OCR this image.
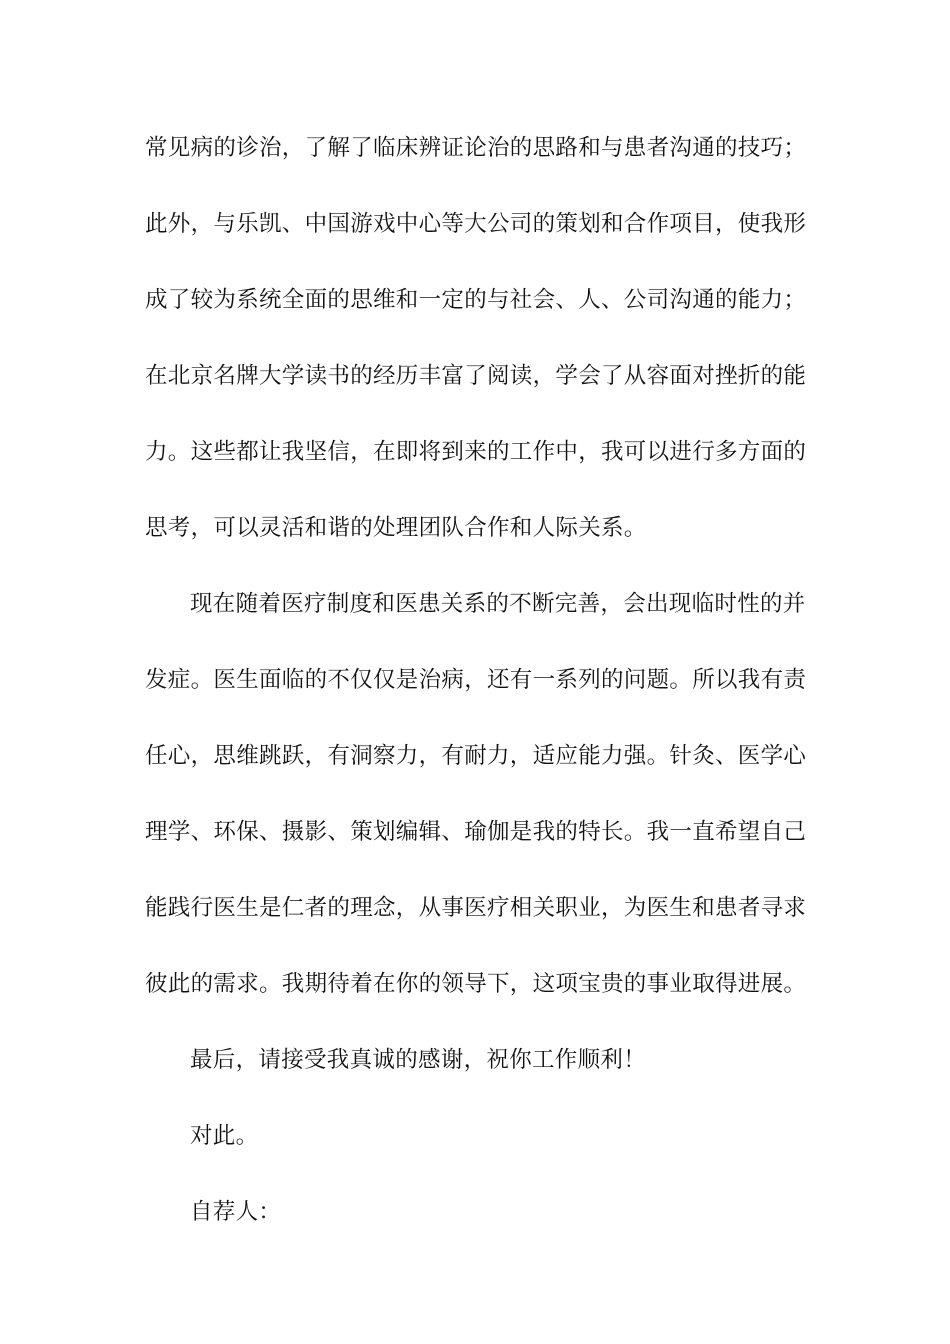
常见病的诊治，了解了临床辨证论治的思路和与患者沟通的技巧；
此外，与乐凯、中国游戏中心等大公司的策划和合作项目，使我形
成了较为系统全面的思维和一定的与社会、人、公司沟通的能力；
在北京名牌大学读书的经历丰富了阅读，学会了从容面对挫折的能
力。这些都让我坚信，在即将到来的工作中，我可以进行多方面的
思考，可以灵活和谐的处理团队合作和人际关系。
现在随着医疗制度和医患关系的不断完善，会出现临时性的并
发症。医生面临的不仅仅是治病，还有一系列的问题。所以我有责
任心，思维跳跃，有洞察力，有耐力，适应能力强。针灸、医学心
理学、环保、摄影、策划编辑、瑜伽是我的特长。我一直希望自己
能践行医生是仁者的理念，从事医疗相关职业，为医生和患者寻求
彼此的需求。我期待着在你的领导下，这项宝贵的事业取得进展。
最后，请接受我真诚的感谢，祝你工作顺利！
对此。
自荐人：
